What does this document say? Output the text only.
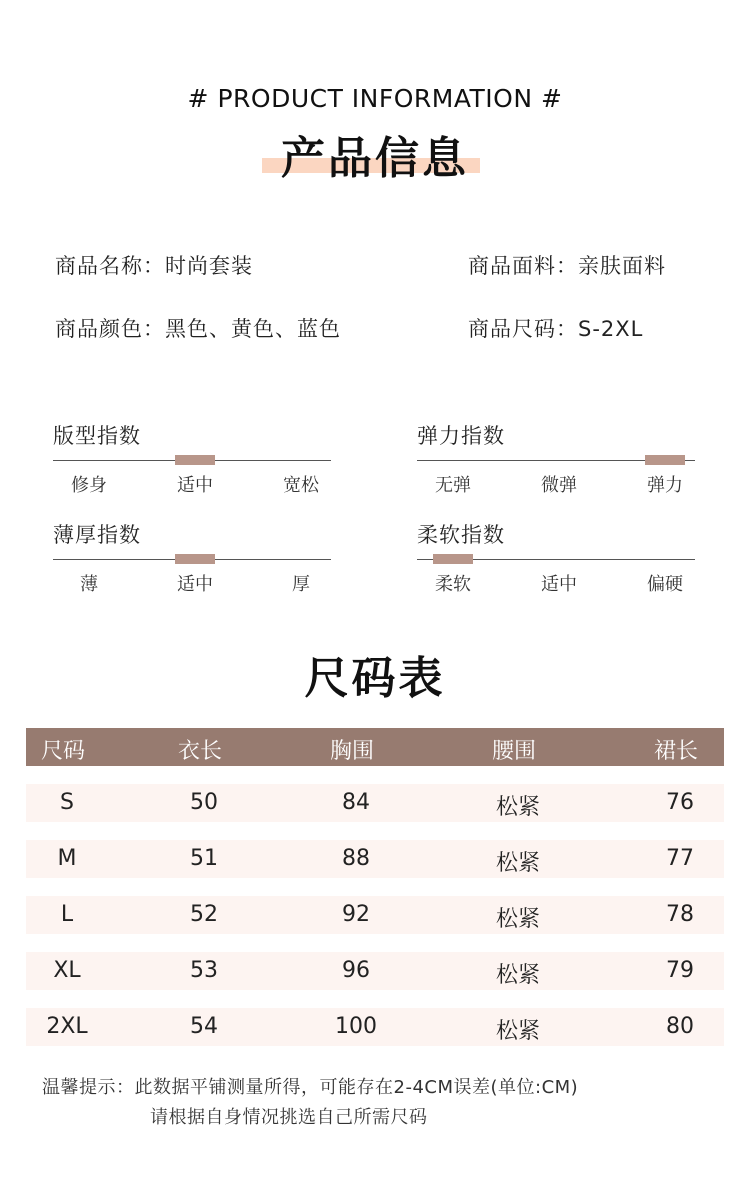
# PRODUCT INFORMATION #
产品信息
商品名称：时尚套装	商品面料：亲肤面料
商品颜色：黑色、黄色、蓝色	商品尺码：S-2XL
版型指数
修身	适中	宽松
弹力指数
无弹	微弹	弹力
薄厚指数
薄	适中	厚
柔软指数
柔软	适中	偏硬
尺码表
尺码	衣长	胸围	腰围	裙长
S	50	84	松紧	76
M	51	88	松紧	77
L	52	92	松紧	78
XL	53	96	松紧	79
2XL	54	100	松紧	80
温馨提示：此数据平铺测量所得，可能存在2-4CM误差(单位:CM)
请根据自身情况挑选自己所需尺码
